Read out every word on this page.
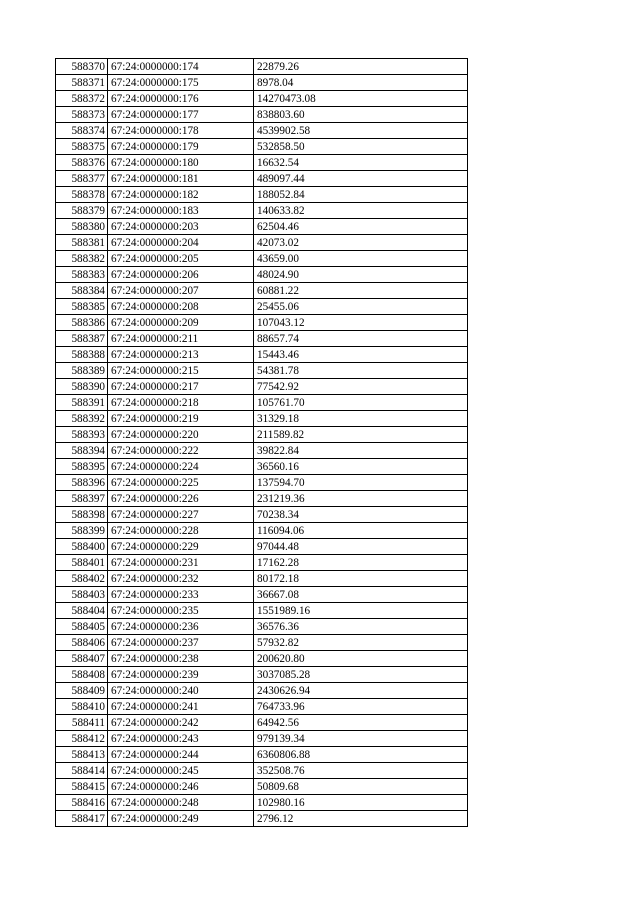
588370	67:24:0000000:174	22879.26
588371	67:24:0000000:175	8978.04
588372	67:24:0000000:176	14270473.08
588373	67:24:0000000:177	838803.60
588374	67:24:0000000:178	4539902.58
588375	67:24:0000000:179	532858.50
588376	67:24:0000000:180	16632.54
588377	67:24:0000000:181	489097.44
588378	67:24:0000000:182	188052.84
588379	67:24:0000000:183	140633.82
588380	67:24:0000000:203	62504.46
588381	67:24:0000000:204	42073.02
588382	67:24:0000000:205	43659.00
588383	67:24:0000000:206	48024.90
588384	67:24:0000000:207	60881.22
588385	67:24:0000000:208	25455.06
588386	67:24:0000000:209	107043.12
588387	67:24:0000000:211	88657.74
588388	67:24:0000000:213	15443.46
588389	67:24:0000000:215	54381.78
588390	67:24:0000000:217	77542.92
588391	67:24:0000000:218	105761.70
588392	67:24:0000000:219	31329.18
588393	67:24:0000000:220	211589.82
588394	67:24:0000000:222	39822.84
588395	67:24:0000000:224	36560.16
588396	67:24:0000000:225	137594.70
588397	67:24:0000000:226	231219.36
588398	67:24:0000000:227	70238.34
588399	67:24:0000000:228	116094.06
588400	67:24:0000000:229	97044.48
588401	67:24:0000000:231	17162.28
588402	67:24:0000000:232	80172.18
588403	67:24:0000000:233	36667.08
588404	67:24:0000000:235	1551989.16
588405	67:24:0000000:236	36576.36
588406	67:24:0000000:237	57932.82
588407	67:24:0000000:238	200620.80
588408	67:24:0000000:239	3037085.28
588409	67:24:0000000:240	2430626.94
588410	67:24:0000000:241	764733.96
588411	67:24:0000000:242	64942.56
588412	67:24:0000000:243	979139.34
588413	67:24:0000000:244	6360806.88
588414	67:24:0000000:245	352508.76
588415	67:24:0000000:246	50809.68
588416	67:24:0000000:248	102980.16
588417	67:24:0000000:249	2796.12
